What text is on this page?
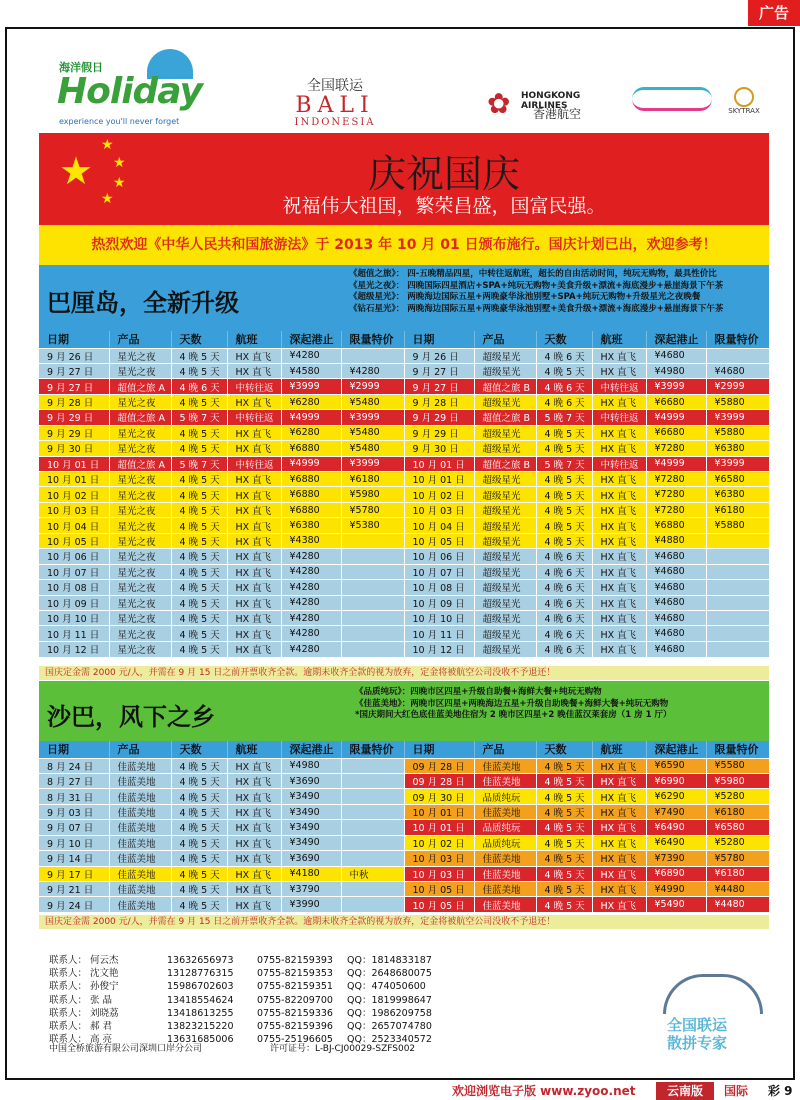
广告
海洋假日
Holiday
experience you'll never forget
全国联运
BALI
INDONESIA
✿ HONGKONG AIRLINES
香港航空	SKYTRAX
★
★
★
★
★
庆祝国庆
祝福伟大祖国，繁荣昌盛，国富民强。
热烈欢迎《中华人民共和国旅游法》于 2013 年 10 月 01 日颁布施行。国庆计划已出，欢迎参考！
巴厘岛，全新升级
《超值之旅》： 四-五晚精品四星，中转往返航班，超长的自由活动时间，纯玩无购物，最具性价比
《星光之夜》： 四晚国际四星酒店+SPA+纯玩无购物+美食升级+漂流+海底漫步+悬崖海景下午茶
《超级星光》： 两晚海边国际五星+两晚豪华泳池别墅+SPA+纯玩无购物+升级星光之夜晚餐
《钻石星光》： 两晚海边国际五星+两晚豪华泳池别墅+美食升级+漂流+海底漫步+悬崖海景下午茶
日期	产品	天数	航班	深起港止	限量特价	日期	产品	天数	航班	深起港止	限量特价
9 月 26 日	星光之夜	4 晚 5 天	HX 直飞	¥4280		9 月 26 日	超级星光	4 晚 6 天	HX 直飞	¥4680	
9 月 27 日	星光之夜	4 晚 5 天	HX 直飞	¥4580	¥4280	9 月 27 日	超级星光	4 晚 5 天	HX 直飞	¥4980	¥4680
9 月 27 日	超值之旅 A	4 晚 6 天	中转往返	¥3999	¥2999	9 月 27 日	超值之旅 B	4 晚 6 天	中转往返	¥3999	¥2999
9 月 28 日	星光之夜	4 晚 5 天	HX 直飞	¥6280	¥5480	9 月 28 日	超级星光	4 晚 6 天	HX 直飞	¥6680	¥5880
9 月 29 日	超值之旅 A	5 晚 7 天	中转往返	¥4999	¥3999	9 月 29 日	超值之旅 B	5 晚 7 天	中转往返	¥4999	¥3999
9 月 29 日	星光之夜	4 晚 5 天	HX 直飞	¥6280	¥5480	9 月 29 日	超级星光	4 晚 5 天	HX 直飞	¥6680	¥5880
9 月 30 日	星光之夜	4 晚 5 天	HX 直飞	¥6880	¥5480	9 月 30 日	超级星光	4 晚 5 天	HX 直飞	¥7280	¥6380
10 月 01 日	超值之旅 A	5 晚 7 天	中转往返	¥4999	¥3999	10 月 01 日	超值之旅 B	5 晚 7 天	中转往返	¥4999	¥3999
10 月 01 日	星光之夜	4 晚 5 天	HX 直飞	¥6880	¥6180	10 月 01 日	超级星光	4 晚 5 天	HX 直飞	¥7280	¥6580
10 月 02 日	星光之夜	4 晚 5 天	HX 直飞	¥6880	¥5980	10 月 02 日	超级星光	4 晚 5 天	HX 直飞	¥7280	¥6380
10 月 03 日	星光之夜	4 晚 5 天	HX 直飞	¥6880	¥5780	10 月 03 日	超级星光	4 晚 5 天	HX 直飞	¥7280	¥6180
10 月 04 日	星光之夜	4 晚 5 天	HX 直飞	¥6380	¥5380	10 月 04 日	超级星光	4 晚 5 天	HX 直飞	¥6880	¥5880
10 月 05 日	星光之夜	4 晚 5 天	HX 直飞	¥4380		10 月 05 日	超级星光	4 晚 5 天	HX 直飞	¥4880	
10 月 06 日	星光之夜	4 晚 5 天	HX 直飞	¥4280		10 月 06 日	超级星光	4 晚 6 天	HX 直飞	¥4680	
10 月 07 日	星光之夜	4 晚 5 天	HX 直飞	¥4280		10 月 07 日	超级星光	4 晚 6 天	HX 直飞	¥4680	
10 月 08 日	星光之夜	4 晚 5 天	HX 直飞	¥4280		10 月 08 日	超级星光	4 晚 6 天	HX 直飞	¥4680	
10 月 09 日	星光之夜	4 晚 5 天	HX 直飞	¥4280		10 月 09 日	超级星光	4 晚 6 天	HX 直飞	¥4680	
10 月 10 日	星光之夜	4 晚 5 天	HX 直飞	¥4280		10 月 10 日	超级星光	4 晚 6 天	HX 直飞	¥4680	
10 月 11 日	星光之夜	4 晚 5 天	HX 直飞	¥4280		10 月 11 日	超级星光	4 晚 6 天	HX 直飞	¥4680	
10 月 12 日	星光之夜	4 晚 5 天	HX 直飞	¥4280		10 月 12 日	超级星光	4 晚 6 天	HX 直飞	¥4680	
国庆定金需 2000 元/人，并需在 9 月 15 日之前开票收齐全款。逾期未收齐全款的视为放弃，定金将被航空公司没收不予退还！
沙巴，风下之乡
《品质纯玩》：四晚市区四星+升级自助餐+海鲜大餐+纯玩无购物
《佳蓝美地》：两晚市区四星+两晚海边五星+升级自助晚餐+海鲜大餐+纯玩无购物
*国庆期间大红色底佳蓝美地住宿为 2 晚市区四星+2 晚佳蓝汉莱套房（1 房 1 厅）
日期	产品	天数	航班	深起港止	限量特价	日期	产品	天数	航班	深起港止	限量特价
8 月 24 日	佳蓝美地	4 晚 5 天	HX 直飞	¥4980		09 月 28 日	佳蓝美地	4 晚 5 天	HX 直飞	¥6590	¥5580
8 月 27 日	佳蓝美地	4 晚 5 天	HX 直飞	¥3690		09 月 28 日	佳蓝美地	4 晚 5 天	HX 直飞	¥6990	¥5980
8 月 31 日	佳蓝美地	4 晚 5 天	HX 直飞	¥3490		09 月 30 日	品质纯玩	4 晚 5 天	HX 直飞	¥6290	¥5280
9 月 03 日	佳蓝美地	4 晚 5 天	HX 直飞	¥3490		10 月 01 日	佳蓝美地	4 晚 5 天	HX 直飞	¥7490	¥6180
9 月 07 日	佳蓝美地	4 晚 5 天	HX 直飞	¥3490		10 月 01 日	品质纯玩	4 晚 5 天	HX 直飞	¥6490	¥6580
9 月 10 日	佳蓝美地	4 晚 5 天	HX 直飞	¥3490		10 月 02 日	品质纯玩	4 晚 5 天	HX 直飞	¥6490	¥5280
9 月 14 日	佳蓝美地	4 晚 5 天	HX 直飞	¥3690		10 月 03 日	佳蓝美地	4 晚 5 天	HX 直飞	¥7390	¥5780
9 月 17 日	佳蓝美地	4 晚 5 天	HX 直飞	¥4180	中秋	10 月 03 日	佳蓝美地	4 晚 5 天	HX 直飞	¥6890	¥6180
9 月 21 日	佳蓝美地	4 晚 5 天	HX 直飞	¥3790		10 月 05 日	佳蓝美地	4 晚 5 天	HX 直飞	¥4990	¥4480
9 月 24 日	佳蓝美地	4 晚 5 天	HX 直飞	¥3990		10 月 05 日	佳蓝美地	4 晚 5 天	HX 直飞	¥5490	¥4480
国庆定金需 2000 元/人，并需在 9 月 15 日之前开票收齐全款。逾期未收齐全款的视为放弃，定金将被航空公司没收不予退还！
联系人： 何云杰	13632656973	0755-82159393	QQ：1814833187
联系人： 沈文艳	13128776315	0755-82159353	QQ：2648680075
联系人： 孙俊宁	15986702603	0755-82159351	QQ：474050600
联系人： 张 晶	13418554624	0755-82209700	QQ：1819998647
联系人： 刘晓荔	13418613255	0755-82159336	QQ：1986209758
联系人： 郝 君	13823215220	0755-82159396	QQ：2657074780
联系人： 高 亮	13631685006	0755-25196605	QQ：2523340572
中国全桥旅游有限公司深圳口岸分公司	许可证号：L-BJ-CJ00029-SZFS002
全国联运
散拼专家
欢迎浏览电子版 www.zyoo.net	云南版	国际 彩 9
